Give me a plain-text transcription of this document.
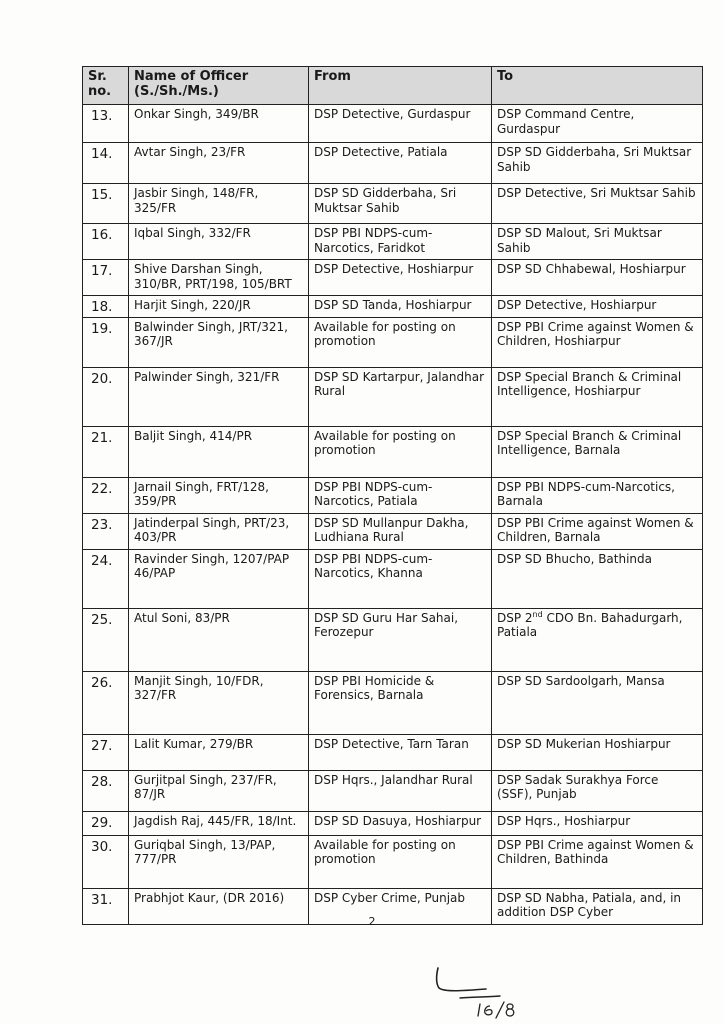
Sr. no.	Name of Officer (S./Sh./Ms.)	From	To
13.	Onkar Singh, 349/BR	DSP Detective, Gurdaspur	DSP Command Centre, Gurdaspur
14.	Avtar Singh, 23/FR	DSP Detective, Patiala	DSP SD Gidderbaha, Sri Muktsar Sahib
15.	Jasbir Singh, 148/FR, 325/FR	DSP SD Gidderbaha, Sri Muktsar Sahib	DSP Detective, Sri Muktsar Sahib
16.	Iqbal Singh, 332/FR	DSP PBI NDPS-cum-Narcotics, Faridkot	DSP SD Malout, Sri Muktsar Sahib
17.	Shive Darshan Singh, 310/BR, PRT/198, 105/BRT	DSP Detective, Hoshiarpur	DSP SD Chhabewal, Hoshiarpur
18.	Harjit Singh, 220/JR	DSP SD Tanda, Hoshiarpur	DSP Detective, Hoshiarpur
19.	Balwinder Singh, JRT/321, 367/JR	Available for posting on promotion	DSP PBI Crime against Women & Children, Hoshiarpur
20.	Palwinder Singh, 321/FR	DSP SD Kartarpur, Jalandhar Rural	DSP Special Branch & Criminal Intelligence, Hoshiarpur
21.	Baljit Singh, 414/PR	Available for posting on promotion	DSP Special Branch & Criminal Intelligence, Barnala
22.	Jarnail Singh, FRT/128, 359/PR	DSP PBI NDPS-cum-Narcotics, Patiala	DSP PBI NDPS-cum-Narcotics, Barnala
23.	Jatinderpal Singh, PRT/23, 403/PR	DSP SD Mullanpur Dakha, Ludhiana Rural	DSP PBI Crime against Women & Children, Barnala
24.	Ravinder Singh, 1207/PAP 46/PAP	DSP PBI NDPS-cum-Narcotics, Khanna	DSP SD Bhucho, Bathinda
25.	Atul Soni, 83/PR	DSP SD Guru Har Sahai, Ferozepur	DSP 2nd CDO Bn. Bahadurgarh, Patiala
26.	Manjit Singh, 10/FDR, 327/FR	DSP PBI Homicide & Forensics, Barnala	DSP SD Sardoolgarh, Mansa
27.	Lalit Kumar, 279/BR	DSP Detective, Tarn Taran	DSP SD Mukerian Hoshiarpur
28.	Gurjitpal Singh, 237/FR, 87/JR	DSP Hqrs., Jalandhar Rural	DSP Sadak Surakhya Force (SSF), Punjab
29.	Jagdish Raj, 445/FR, 18/Int.	DSP SD Dasuya, Hoshiarpur	DSP Hqrs., Hoshiarpur
30.	Guriqbal Singh, 13/PAP, 777/PR	Available for posting on promotion	DSP PBI Crime against Women & Children, Bathinda
31.	Prabhjot Kaur, (DR 2016)	DSP Cyber Crime, Punjab	DSP SD Nabha, Patiala, and, in addition DSP Cyber
2
